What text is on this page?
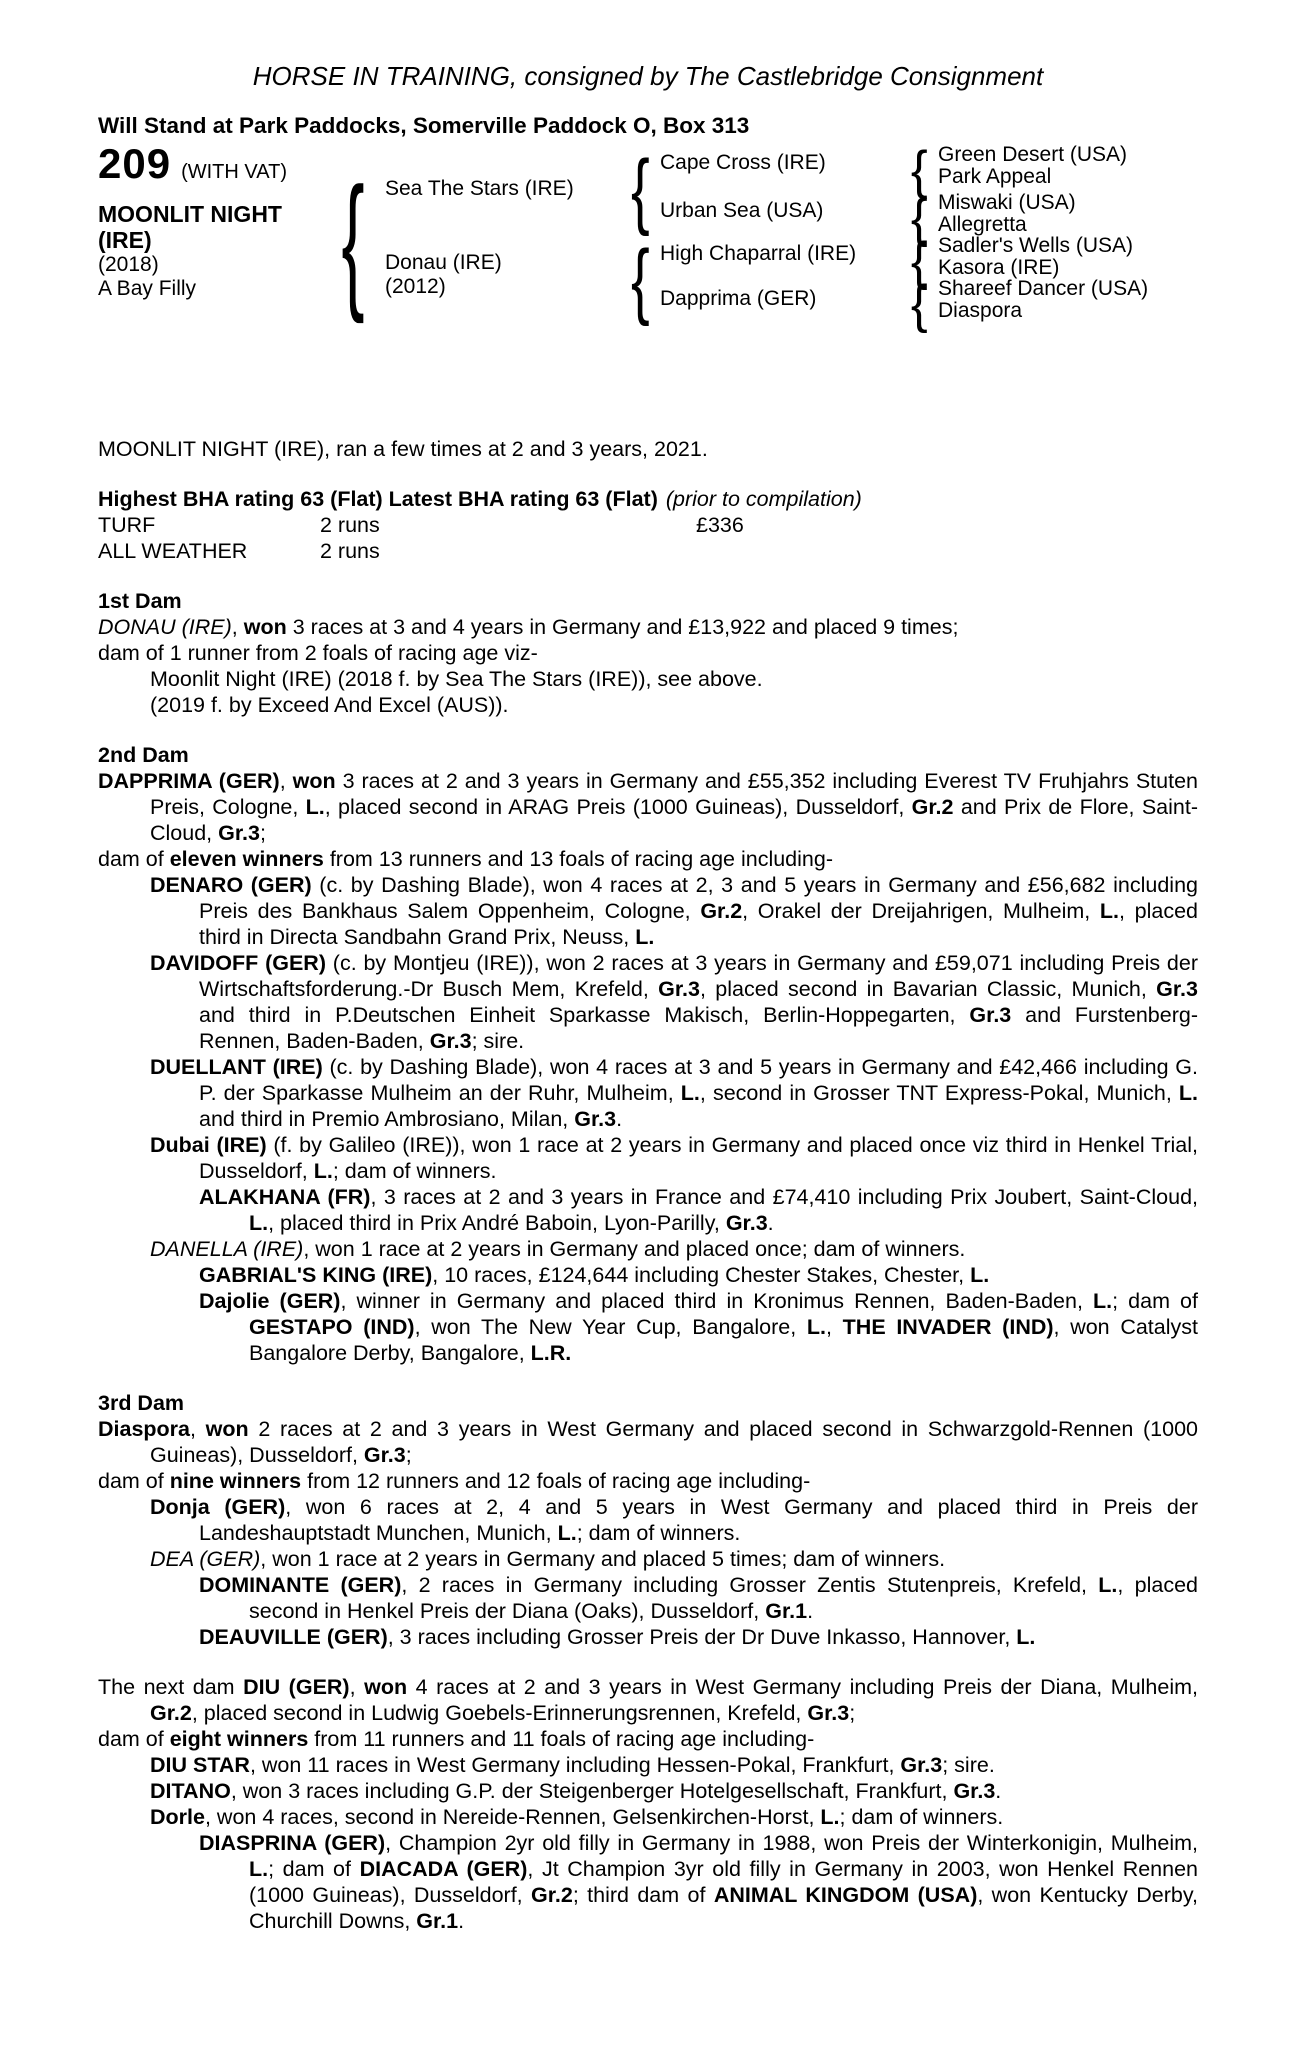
HORSE IN TRAINING, consigned by The Castlebridge Consignment
Will Stand at Park Paddocks, Somerville Paddock O, Box 313
209 (WITH VAT)
MOONLIT NIGHT
(IRE)
(2018)
A Bay Filly { Sea The Stars (IRE)
Donau (IRE)
(2012)
{
{
Cape Cross (IRE)
Urban Sea (USA)
High Chaparral (IRE)
Dapprima (GER)
{
{
{
{
Green Desert (USA)
Park Appeal
Miswaki (USA)
Allegretta
Sadler's Wells (USA)
Kasora (IRE)
Shareef Dancer (USA)
Diaspora
MOONLIT NIGHT (IRE), ran a few times at 2 and 3 years, 2021.
Highest BHA rating 63 (Flat) Latest BHA rating 63 (Flat) (prior to compilation)
TURF	2 runs	£336
ALL WEATHER	2 runs
1st Dam
DONAU (IRE), won 3 races at 3 and 4 years in Germany and £13,922 and placed 9 times;
dam of 1 runner from 2 foals of racing age viz-
Moonlit Night (IRE) (2018 f. by Sea The Stars (IRE)), see above.
(2019 f. by Exceed And Excel (AUS)).
2nd Dam
DAPPRIMA (GER), won 3 races at 2 and 3 years in Germany and £55,352 including Everest TV Fruhjahrs Stuten Preis, Cologne, L., placed second in ARAG Preis (1000 Guineas), Dusseldorf, Gr.2 and Prix de Flore, Saint-Cloud, Gr.3;
dam of eleven winners from 13 runners and 13 foals of racing age including-
DENARO (GER) (c. by Dashing Blade), won 4 races at 2, 3 and 5 years in Germany and £56,682 including Preis des Bankhaus Salem Oppenheim, Cologne, Gr.2, Orakel der Dreijahrigen, Mulheim, L., placed third in Directa Sandbahn Grand Prix, Neuss, L.
DAVIDOFF (GER) (c. by Montjeu (IRE)), won 2 races at 3 years in Germany and £59,071 including Preis der Wirtschaftsforderung.-Dr Busch Mem, Krefeld, Gr.3, placed second in Bavarian Classic, Munich, Gr.3 and third in P.Deutschen Einheit Sparkasse Makisch, Berlin-Hoppegarten, Gr.3 and Furstenberg-Rennen, Baden-Baden, Gr.3; sire.
DUELLANT (IRE) (c. by Dashing Blade), won 4 races at 3 and 5 years in Germany and £42,466 including G. P. der Sparkasse Mulheim an der Ruhr, Mulheim, L., second in Grosser TNT Express-Pokal, Munich, L. and third in Premio Ambrosiano, Milan, Gr.3.
Dubai (IRE) (f. by Galileo (IRE)), won 1 race at 2 years in Germany and placed once viz third in Henkel Trial, Dusseldorf, L.; dam of winners.
ALAKHANA (FR), 3 races at 2 and 3 years in France and £74,410 including Prix Joubert, Saint-Cloud, L., placed third in Prix André Baboin, Lyon-Parilly, Gr.3.
DANELLA (IRE), won 1 race at 2 years in Germany and placed once; dam of winners.
GABRIAL'S KING (IRE), 10 races, £124,644 including Chester Stakes, Chester, L.
Dajolie (GER), winner in Germany and placed third in Kronimus Rennen, Baden-Baden, L.; dam of GESTAPO (IND), won The New Year Cup, Bangalore, L., THE INVADER (IND), won Catalyst Bangalore Derby, Bangalore, L.R.
3rd Dam
Diaspora, won 2 races at 2 and 3 years in West Germany and placed second in Schwarzgold-Rennen (1000 Guineas), Dusseldorf, Gr.3;
dam of nine winners from 12 runners and 12 foals of racing age including-
Donja (GER), won 6 races at 2, 4 and 5 years in West Germany and placed third in Preis der Landeshauptstadt Munchen, Munich, L.; dam of winners.
DEA (GER), won 1 race at 2 years in Germany and placed 5 times; dam of winners.
DOMINANTE (GER), 2 races in Germany including Grosser Zentis Stutenpreis, Krefeld, L., placed second in Henkel Preis der Diana (Oaks), Dusseldorf, Gr.1.
DEAUVILLE (GER), 3 races including Grosser Preis der Dr Duve Inkasso, Hannover, L.
The next dam DIU (GER), won 4 races at 2 and 3 years in West Germany including Preis der Diana, Mulheim, Gr.2, placed second in Ludwig Goebels-Erinnerungsrennen, Krefeld, Gr.3;
dam of eight winners from 11 runners and 11 foals of racing age including-
DIU STAR, won 11 races in West Germany including Hessen-Pokal, Frankfurt, Gr.3; sire.
DITANO, won 3 races including G.P. der Steigenberger Hotelgesellschaft, Frankfurt, Gr.3.
Dorle, won 4 races, second in Nereide-Rennen, Gelsenkirchen-Horst, L.; dam of winners.
DIASPRINA (GER), Champion 2yr old filly in Germany in 1988, won Preis der Winterkonigin, Mulheim, L.; dam of DIACADA (GER), Jt Champion 3yr old filly in Germany in 2003, won Henkel Rennen (1000 Guineas), Dusseldorf, Gr.2; third dam of ANIMAL KINGDOM (USA), won Kentucky Derby, Churchill Downs, Gr.1.
